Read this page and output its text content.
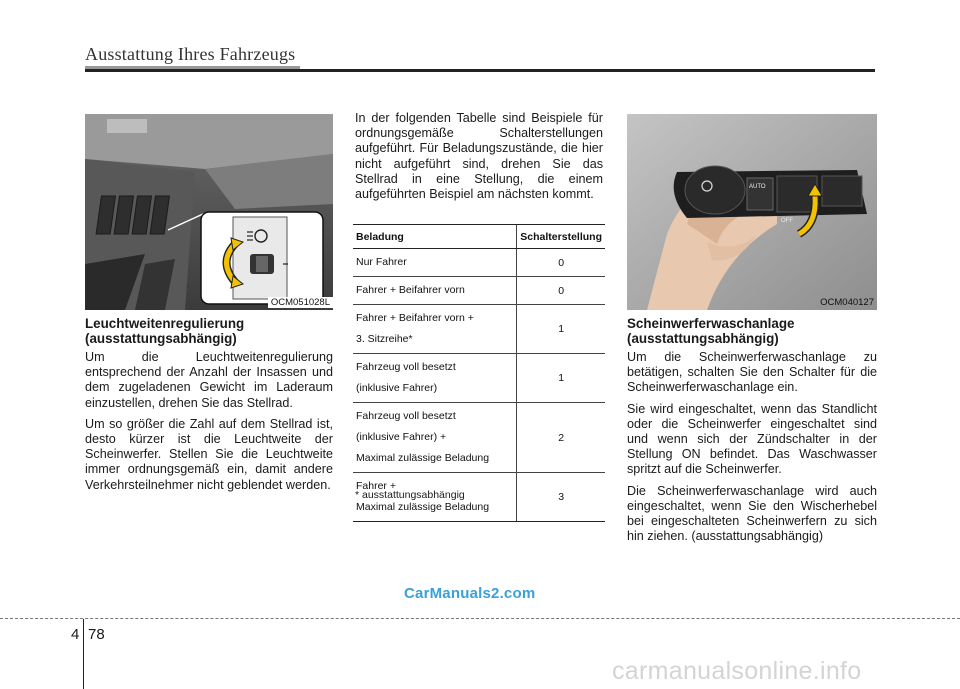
Ausstattung Ihres Fahrzeugs
OCM051028L
Leuchtweitenregulierung
(ausstattungsabhängig)

Um die Leuchtweitenregulierung entsprechend der Anzahl der Insassen und dem zugeladenen Gewicht im Laderaum einzustellen, drehen Sie das Stellrad.

Um so größer die Zahl auf dem Stellrad ist, desto kürzer ist die Leuchtweite der Scheinwerfer. Stellen Sie die Leuchtweite immer ordnungsgemäß ein, damit andere Verkehrsteilnehmer nicht geblendet werden.

In der folgenden Tabelle sind Beispiele für ordnungsgemäße Schalterstellungen aufgeführt. Für Beladungszustände, die hier nicht aufgeführt sind, drehen Sie das Stellrad in eine Stellung, die einem aufgeführten Beispiel am nächsten kommt.

Beladung	Schalterstellung

Nur Fahrer	0

Fahrer + Beifahrer vorn	0

Fahrer + Beifahrer vorn +
3. Sitzreihe*	1

Fahrzeug voll besetzt
(inklusive Fahrer)	1

Fahrzeug voll besetzt
(inklusive Fahrer) +
Maximal zulässige Beladung	2

Fahrer +
Maximal zulässige Beladung	3
* ausstattungsabhängig
AUTO
OFF
OCM040127
Scheinwerferwaschanlage
(ausstattungsabhängig)

Um die Scheinwerferwaschanlage zu betätigen, schalten Sie den Schalter für die Scheinwerferwaschanlage ein.

Sie wird eingeschaltet, wenn das Standlicht oder die Scheinwerfer eingeschaltet sind und wenn sich der Zündschalter in der Stellung ON befindet. Das Waschwasser spritzt auf die Scheinwerfer.

Die Scheinwerferwaschanlage wird auch eingeschaltet, wenn Sie den Wischerhebel bei eingeschalteten Scheinwerfern zu sich hin ziehen. (ausstattungsabhängig)

CarManuals2.com
4 78
carmanualsonline.info
